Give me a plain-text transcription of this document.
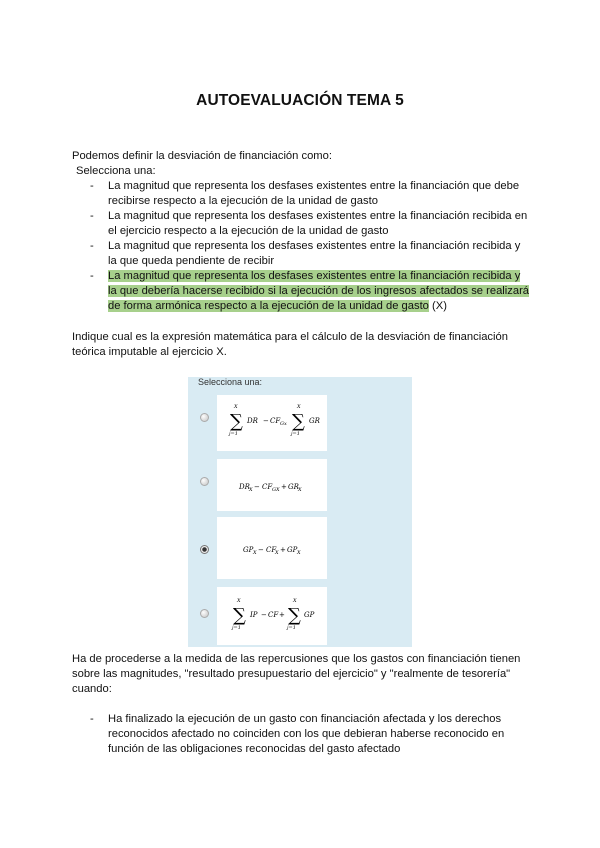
AUTOEVALUACIÓN TEMA 5
Podemos definir la desviación de financiación como:
Selecciona una:
- La magnitud que representa los desfases existentes entre la financiación que debe recibirse respecto a la ejecución de la unidad de gasto
- La magnitud que representa los desfases existentes entre la financiación recibida en el ejercicio respecto a la ejecución de la unidad de gasto
- La magnitud que representa los desfases existentes entre la financiación recibida y la que queda pendiente de recibir
- La magnitud que representa los desfases existentes entre la financiación recibida y la que debería hacerse recibido si la ejecución de los ingresos afectados se realizará de forma armónica respecto a la ejecución de la unidad de gasto (X)
Indique cual es la expresión matemática para el cálculo de la desviación de financiación teórica imputable al ejercicio X.
Selecciona una:
X
∑
j=1
DR − CF Gx
X
∑
j=1
GR
DR X − CF GX + GR X
GP X − CF
X + GP X
X
∑
j=1
IP − CF +
X
∑
j=1
GP
Ha de procederse a la medida de las repercusiones que los gastos con financiación tienen sobre las magnitudes, "resultado presupuestario del ejercicio" y "realmente de tesorería" cuando:
- Ha finalizado la ejecución de un gasto con financiación afectada y los derechos reconocidos afectado no coinciden con los que debieran haberse reconocido en función de las obligaciones reconocidas del gasto afectado
